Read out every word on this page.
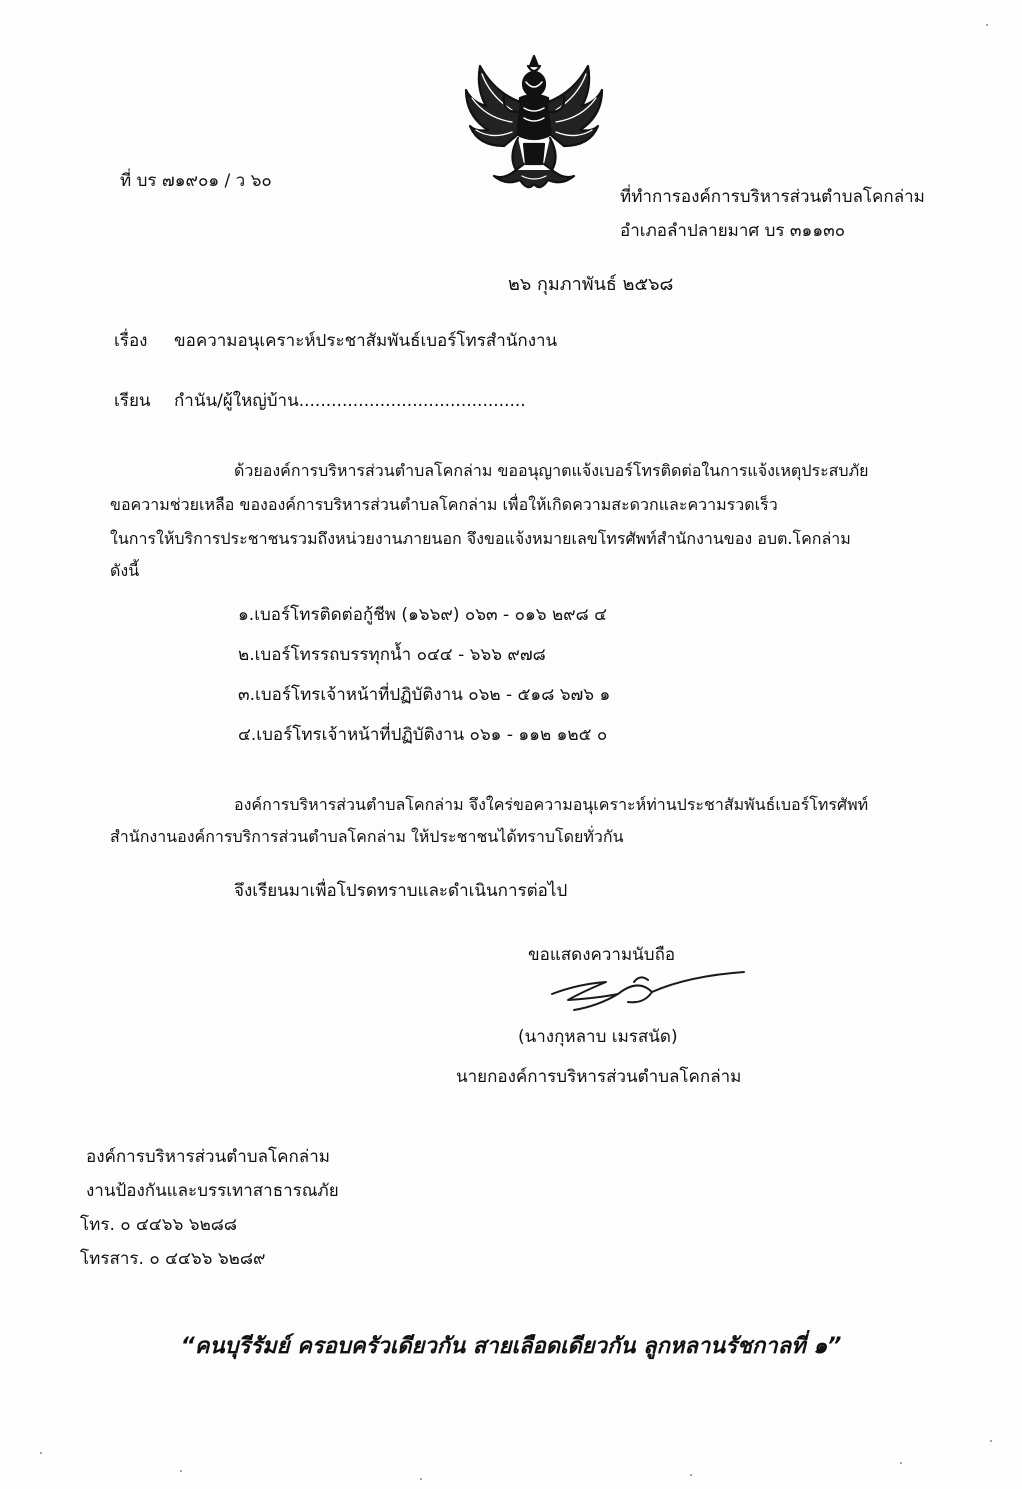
ที่ บร ๗๑๙๐๑ / ว ๖๐
ที่ทำการองค์การบริหารส่วนตำบลโคกล่าม
อำเภอลำปลายมาศ บร ๓๑๑๓๐
๒๖ กุมภาพันธ์ ๒๕๖๘
เรื่อง ขอความอนุเคราะห์ประชาสัมพันธ์เบอร์โทรสำนักงาน
เรียน กำนัน/ผู้ใหญ่บ้าน..........................................
ด้วยองค์การบริหารส่วนตำบลโคกล่าม ขออนุญาตแจ้งเบอร์โทรติดต่อในการแจ้งเหตุประสบภัย
ขอความช่วยเหลือ ขององค์การบริหารส่วนตำบลโคกล่าม เพื่อให้เกิดความสะดวกและความรวดเร็ว
ในการให้บริการประชาชนรวมถึงหน่วยงานภายนอก จึงขอแจ้งหมายเลขโทรศัพท์สำนักงานของ อบต.โคกล่าม
ดังนี้
๑.เบอร์โทรติดต่อกู้ชีพ (๑๖๖๙) ๐๖๓ - ๐๑๖ ๒๙๘ ๔
๒.เบอร์โทรรถบรรทุกน้ำ ๐๔๔ - ๖๖๖ ๙๗๘
๓.เบอร์โทรเจ้าหน้าที่ปฏิบัติงาน ๐๖๒ - ๕๑๘ ๖๗๖ ๑
๔.เบอร์โทรเจ้าหน้าที่ปฏิบัติงาน ๐๖๑ - ๑๑๒ ๑๒๕ ๐
องค์การบริหารส่วนตำบลโคกล่าม จึงใคร่ขอความอนุเคราะห์ท่านประชาสัมพันธ์เบอร์โทรศัพท์
สำนักงานองค์การบริการส่วนตำบลโคกล่าม ให้ประชาชนได้ทราบโดยทั่วกัน
จึงเรียนมาเพื่อโปรดทราบและดำเนินการต่อไป
ขอแสดงความนับถือ
(นางกุหลาบ เมรสนัด)
นายกองค์การบริหารส่วนตำบลโคกล่าม
องค์การบริหารส่วนตำบลโคกล่าม
งานป้องกันและบรรเทาสาธารณภัย
โทร. ๐ ๔๔๖๖ ๖๒๘๘
โทรสาร. ๐ ๔๔๖๖ ๖๒๘๙
“คนบุรีรัมย์ ครอบครัวเดียวกัน สายเลือดเดียวกัน ลูกหลานรัชกาลที่ ๑”
